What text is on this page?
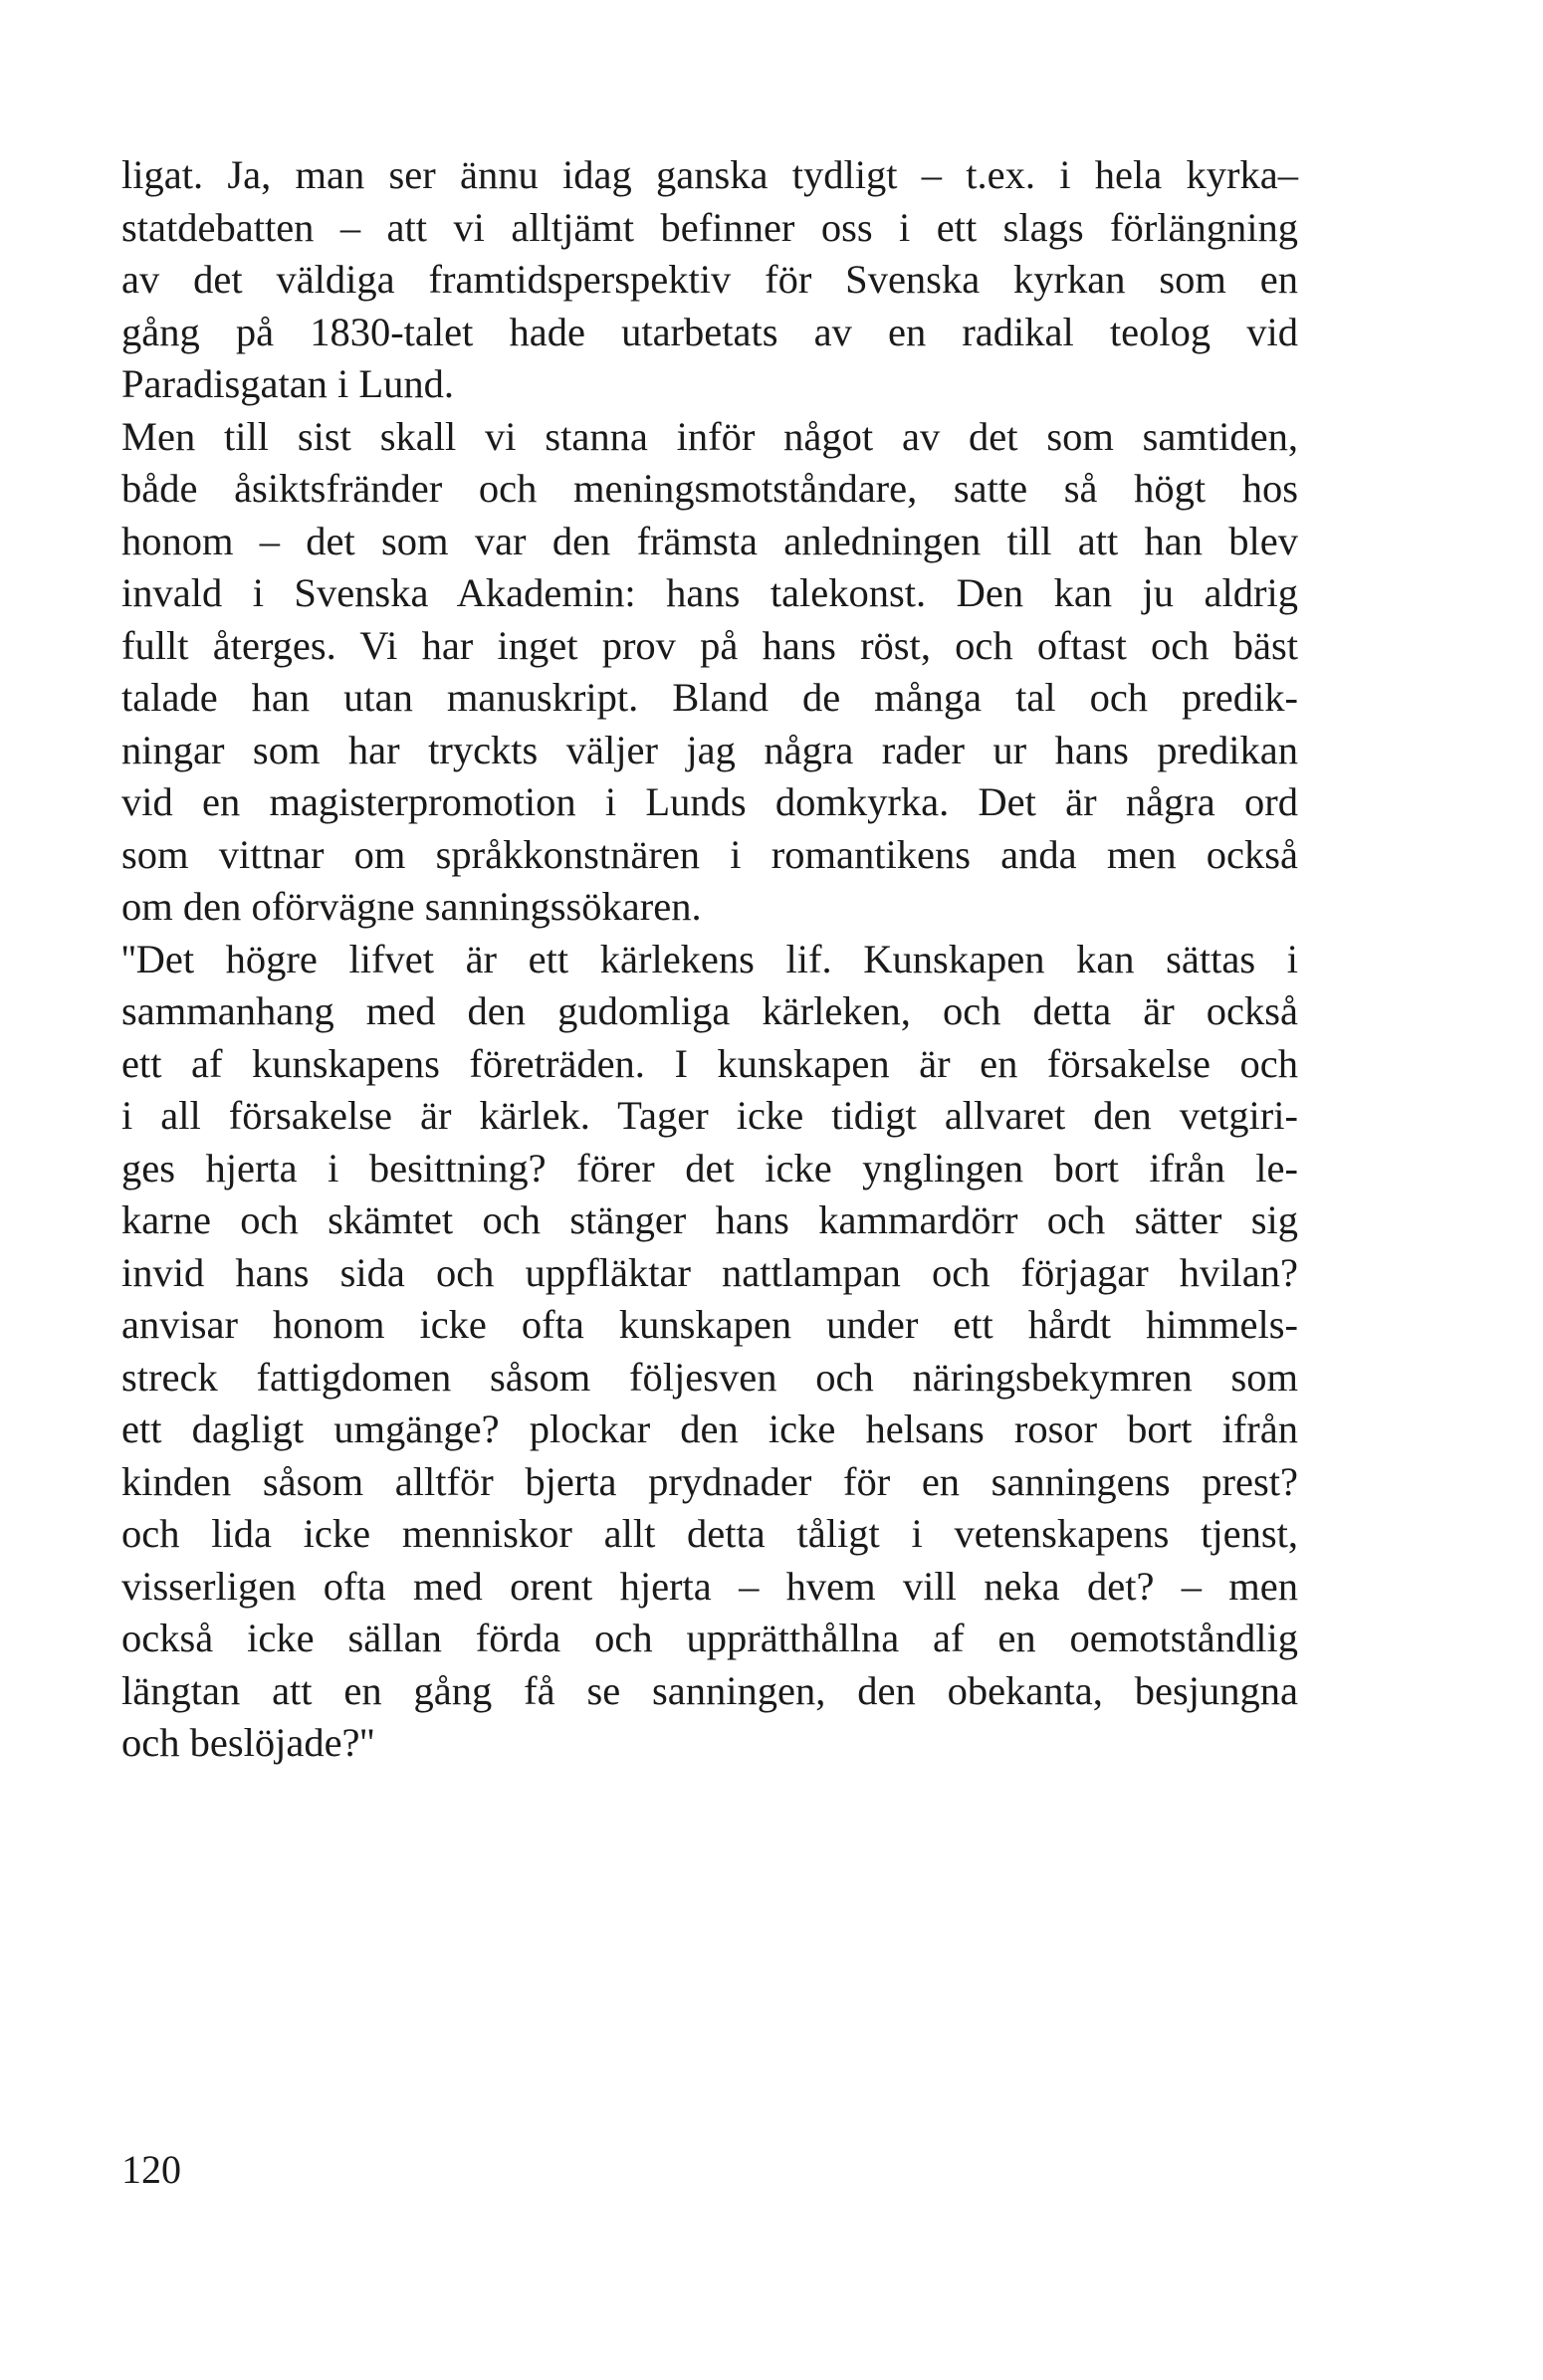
ligat. Ja, man ser ännu idag ganska tydligt – t.ex. i hela kyrka–
statdebatten – att vi alltjämt befinner oss i ett slags förlängning
av det väldiga framtidsperspektiv för Svenska kyrkan som en
gång på 1830-talet hade utarbetats av en radikal teolog vid
Paradisgatan i Lund.
Men till sist skall vi stanna inför något av det som samtiden,
både åsiktsfränder och meningsmotståndare, satte så högt hos
honom – det som var den främsta anledningen till att han blev
invald i Svenska Akademin: hans talekonst. Den kan ju aldrig
fullt återges. Vi har inget prov på hans röst, och oftast och bäst
talade han utan manuskript. Bland de många tal och predik-
ningar som har tryckts väljer jag några rader ur hans predikan
vid en magisterpromotion i Lunds domkyrka. Det är några ord
som vittnar om språkkonstnären i romantikens anda men också
om den oförvägne sanningssökaren.
''Det högre lifvet är ett kärlekens lif. Kunskapen kan sättas i
sammanhang med den gudomliga kärleken, och detta är också
ett af kunskapens företräden. I kunskapen är en försakelse och
i all försakelse är kärlek. Tager icke tidigt allvaret den vetgiri-
ges hjerta i besittning? förer det icke ynglingen bort ifrån le-
karne och skämtet och stänger hans kammardörr och sätter sig
invid hans sida och uppfläktar nattlampan och förjagar hvilan?
anvisar honom icke ofta kunskapen under ett hårdt himmels-
streck fattigdomen såsom följesven och näringsbekymren som
ett dagligt umgänge? plockar den icke helsans rosor bort ifrån
kinden såsom alltför bjerta prydnader för en sanningens prest?
och lida icke menniskor allt detta tåligt i vetenskapens tjenst,
visserligen ofta med orent hjerta – hvem vill neka det? – men
också icke sällan förda och upprätthållna af en oemotståndlig
längtan att en gång få se sanningen, den obekanta, besjungna
och beslöjade?''
120
